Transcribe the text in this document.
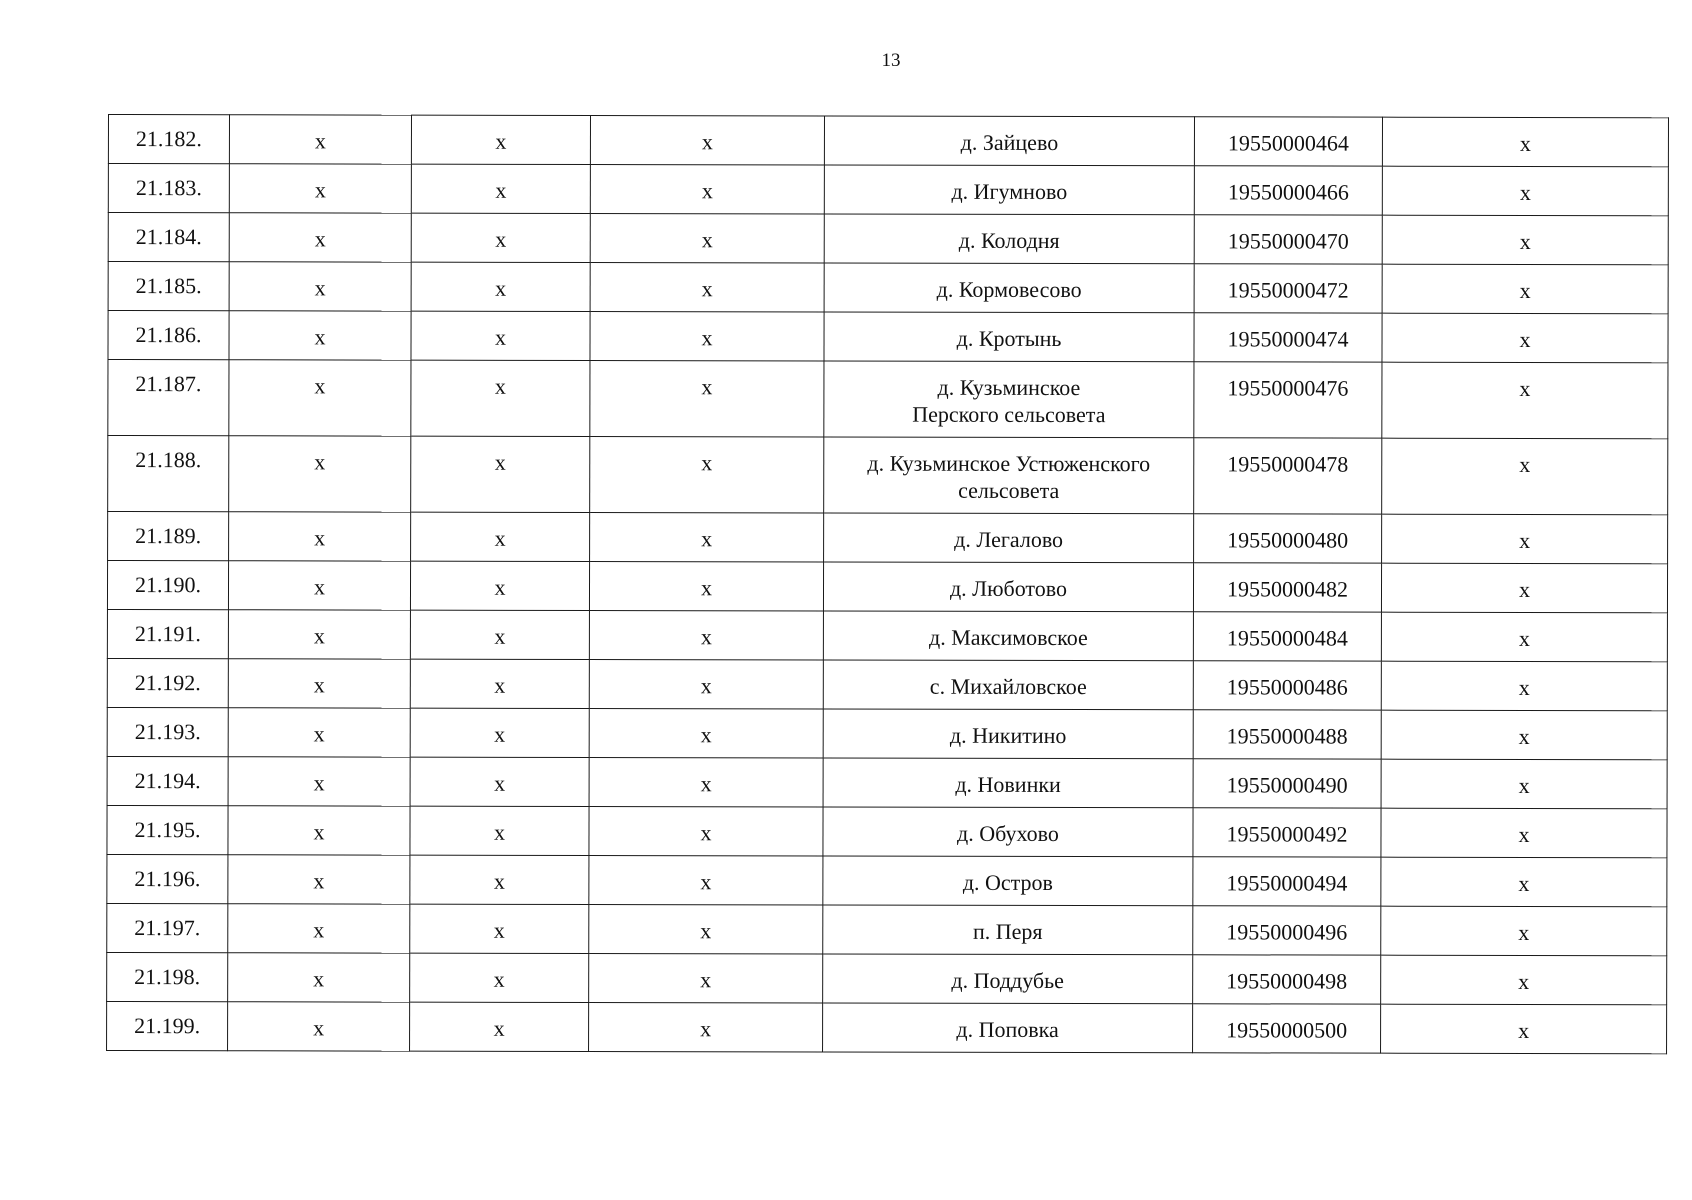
13
21.182.	х	х	х	д. Зайцево	19550000464	х
21.183.	х	х	х	д. Игумново	19550000466	х
21.184.	х	х	х	д. Колодня	19550000470	х
21.185.	х	х	х	д. Кормовесово	19550000472	х
21.186.	х	х	х	д. Кротынь	19550000474	х
21.187.	х	х	х	д. Кузьминское
Перского сельсовета	19550000476	х
21.188.	х	х	х	д. Кузьминское Устюженского
сельсовета	19550000478	х
21.189.	х	х	х	д. Легалово	19550000480	х
21.190.	х	х	х	д. Люботово	19550000482	х
21.191.	х	х	х	д. Максимовское	19550000484	х
21.192.	х	х	х	с. Михайловское	19550000486	х
21.193.	х	х	х	д. Никитино	19550000488	х
21.194.	х	х	х	д. Новинки	19550000490	х
21.195.	х	х	х	д. Обухово	19550000492	х
21.196.	х	х	х	д. Остров	19550000494	х
21.197.	х	х	х	п. Перя	19550000496	х
21.198.	х	х	х	д. Поддубье	19550000498	х
21.199.	х	х	х	д. Поповка	19550000500	х
